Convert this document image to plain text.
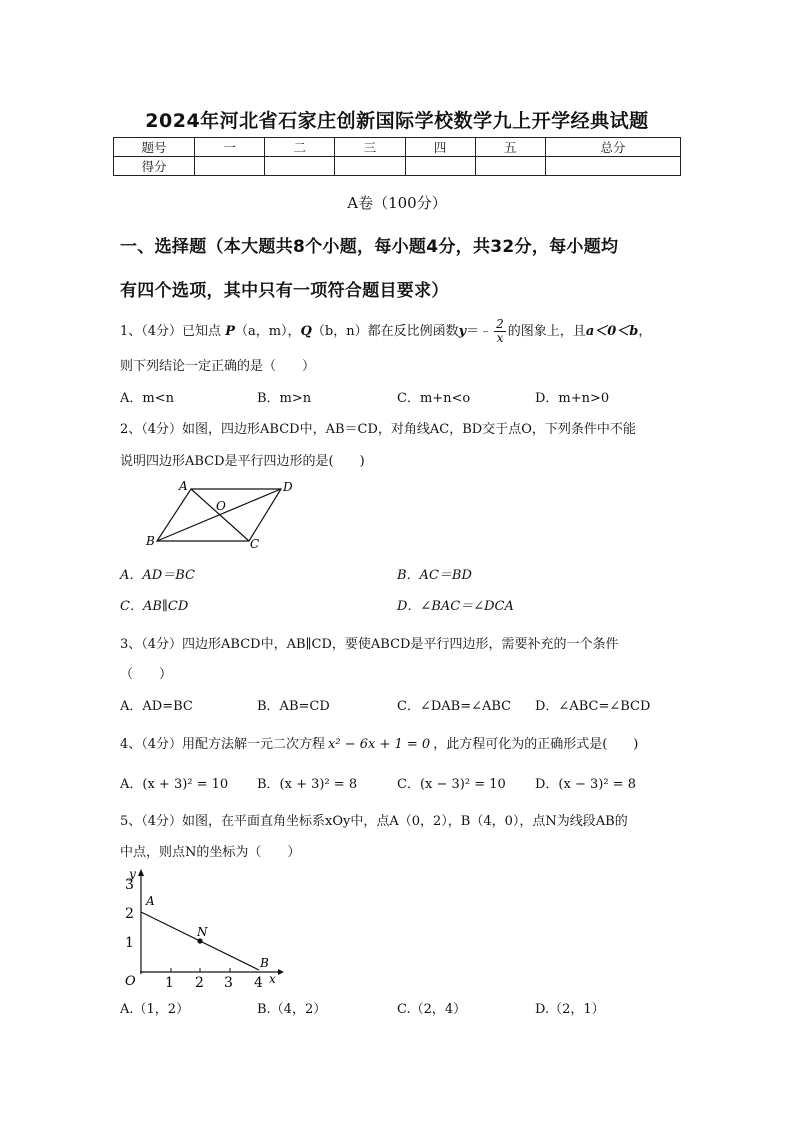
2024年河北省石家庄创新国际学校数学九上开学经典试题
题号	一	二	三	四	五	总分
得分						
A卷（100分）
一、选择题（本大题共8个小题，每小题4分，共32分，每小题均
有四个选项，其中只有一项符合题目要求）
1、（4分）已知点 P（a，m），Q（b，n）都在反比例函数y＝﹣ $\frac{2}{x}$ 的图象上，且a＜0＜b，
则下列结论一定正确的是（　　）
A．m<n	B．m>n	C．m+n<o	D．m+n>0
2、（4分）如图，四边形ABCD中，AB＝CD，对角线AC，BD交于点O，下列条件中不能
说明四边形ABCD是平行四边形的是(　　)
A	D
O
B	C
A．AD＝BC	B．AC＝BD
C．AB∥CD	D．∠BAC＝∠DCA
3、（4分）四边形ABCD中，AB∥CD，要使ABCD是平行四边形，需要补充的一个条件
（　　）
A．AD=BC	B．AB=CD	C．∠DAB=∠ABC D．∠ABC=∠BCD
4、（4分）用配方法解一元二次方程 x² − 6x + 1 = 0 ，此方程可化为的正确形式是(　　)
A．(x + 3)² = 10 B．(x + 3)² = 8	C．(x − 3)² = 10 D．(x − 3)² = 8
5、（4分）如图，在平面直角坐标系xOy中，点A（0，2），B（4，0），点N为线段AB的
中点，则点N的坐标为（　　）
A
N
B
x
y
O 1 2 3 4
1
2
3
A.（1，2）	B.（4，2）	C.（2，4）	D.（2，1）
